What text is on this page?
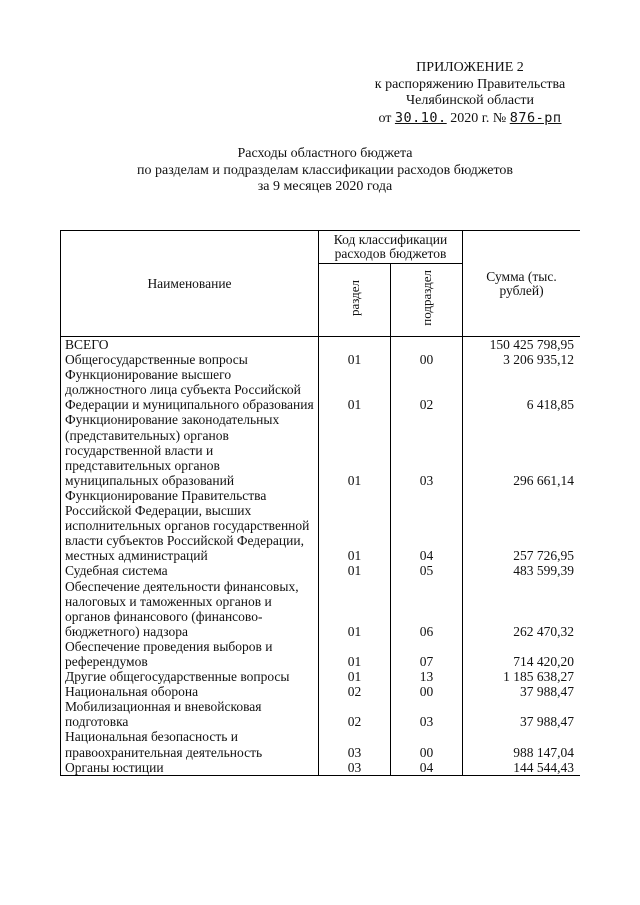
ПРИЛОЖЕНИЕ 2
к распоряжению Правительства
Челябинской области
от 30.10. 2020 г. № 876-рп
Расходы областного бюджета
по разделам и подразделам классификации расходов бюджетов
за 9 месяцев 2020 года
Наименование	Код классификации расходов бюджетов		Сумма (тыс. рублей)
	раздел	подраздел	
ВСЕГО			150 425 798,95
Общегосударственные вопросы	01	00	3 206 935,12
Функционирование высшего должностного лица субъекта Российской Федерации и муниципального образования	01	02	6 418,85
Функционирование законодательных (представительных) органов государственной власти и представительных органов муниципальных образований	01	03	296 661,14
Функционирование Правительства Российской Федерации, высших исполнительных органов государственной власти субъектов Российской Федерации, местных администраций	01	04	257 726,95
Судебная система	01	05	483 599,39
Обеспечение деятельности финансовых, налоговых и таможенных органов и органов финансового (финансово-бюджетного) надзора	01	06	262 470,32
Обеспечение проведения выборов и референдумов	01	07	714 420,20
Другие общегосударственные вопросы	01	13	1 185 638,27
Национальная оборона	02	00	37 988,47
Мобилизационная и вневойсковая подготовка	02	03	37 988,47
Национальная безопасность и правоохранительная деятельность	03	00	988 147,04
Органы юстиции	03	04	144 544,43
